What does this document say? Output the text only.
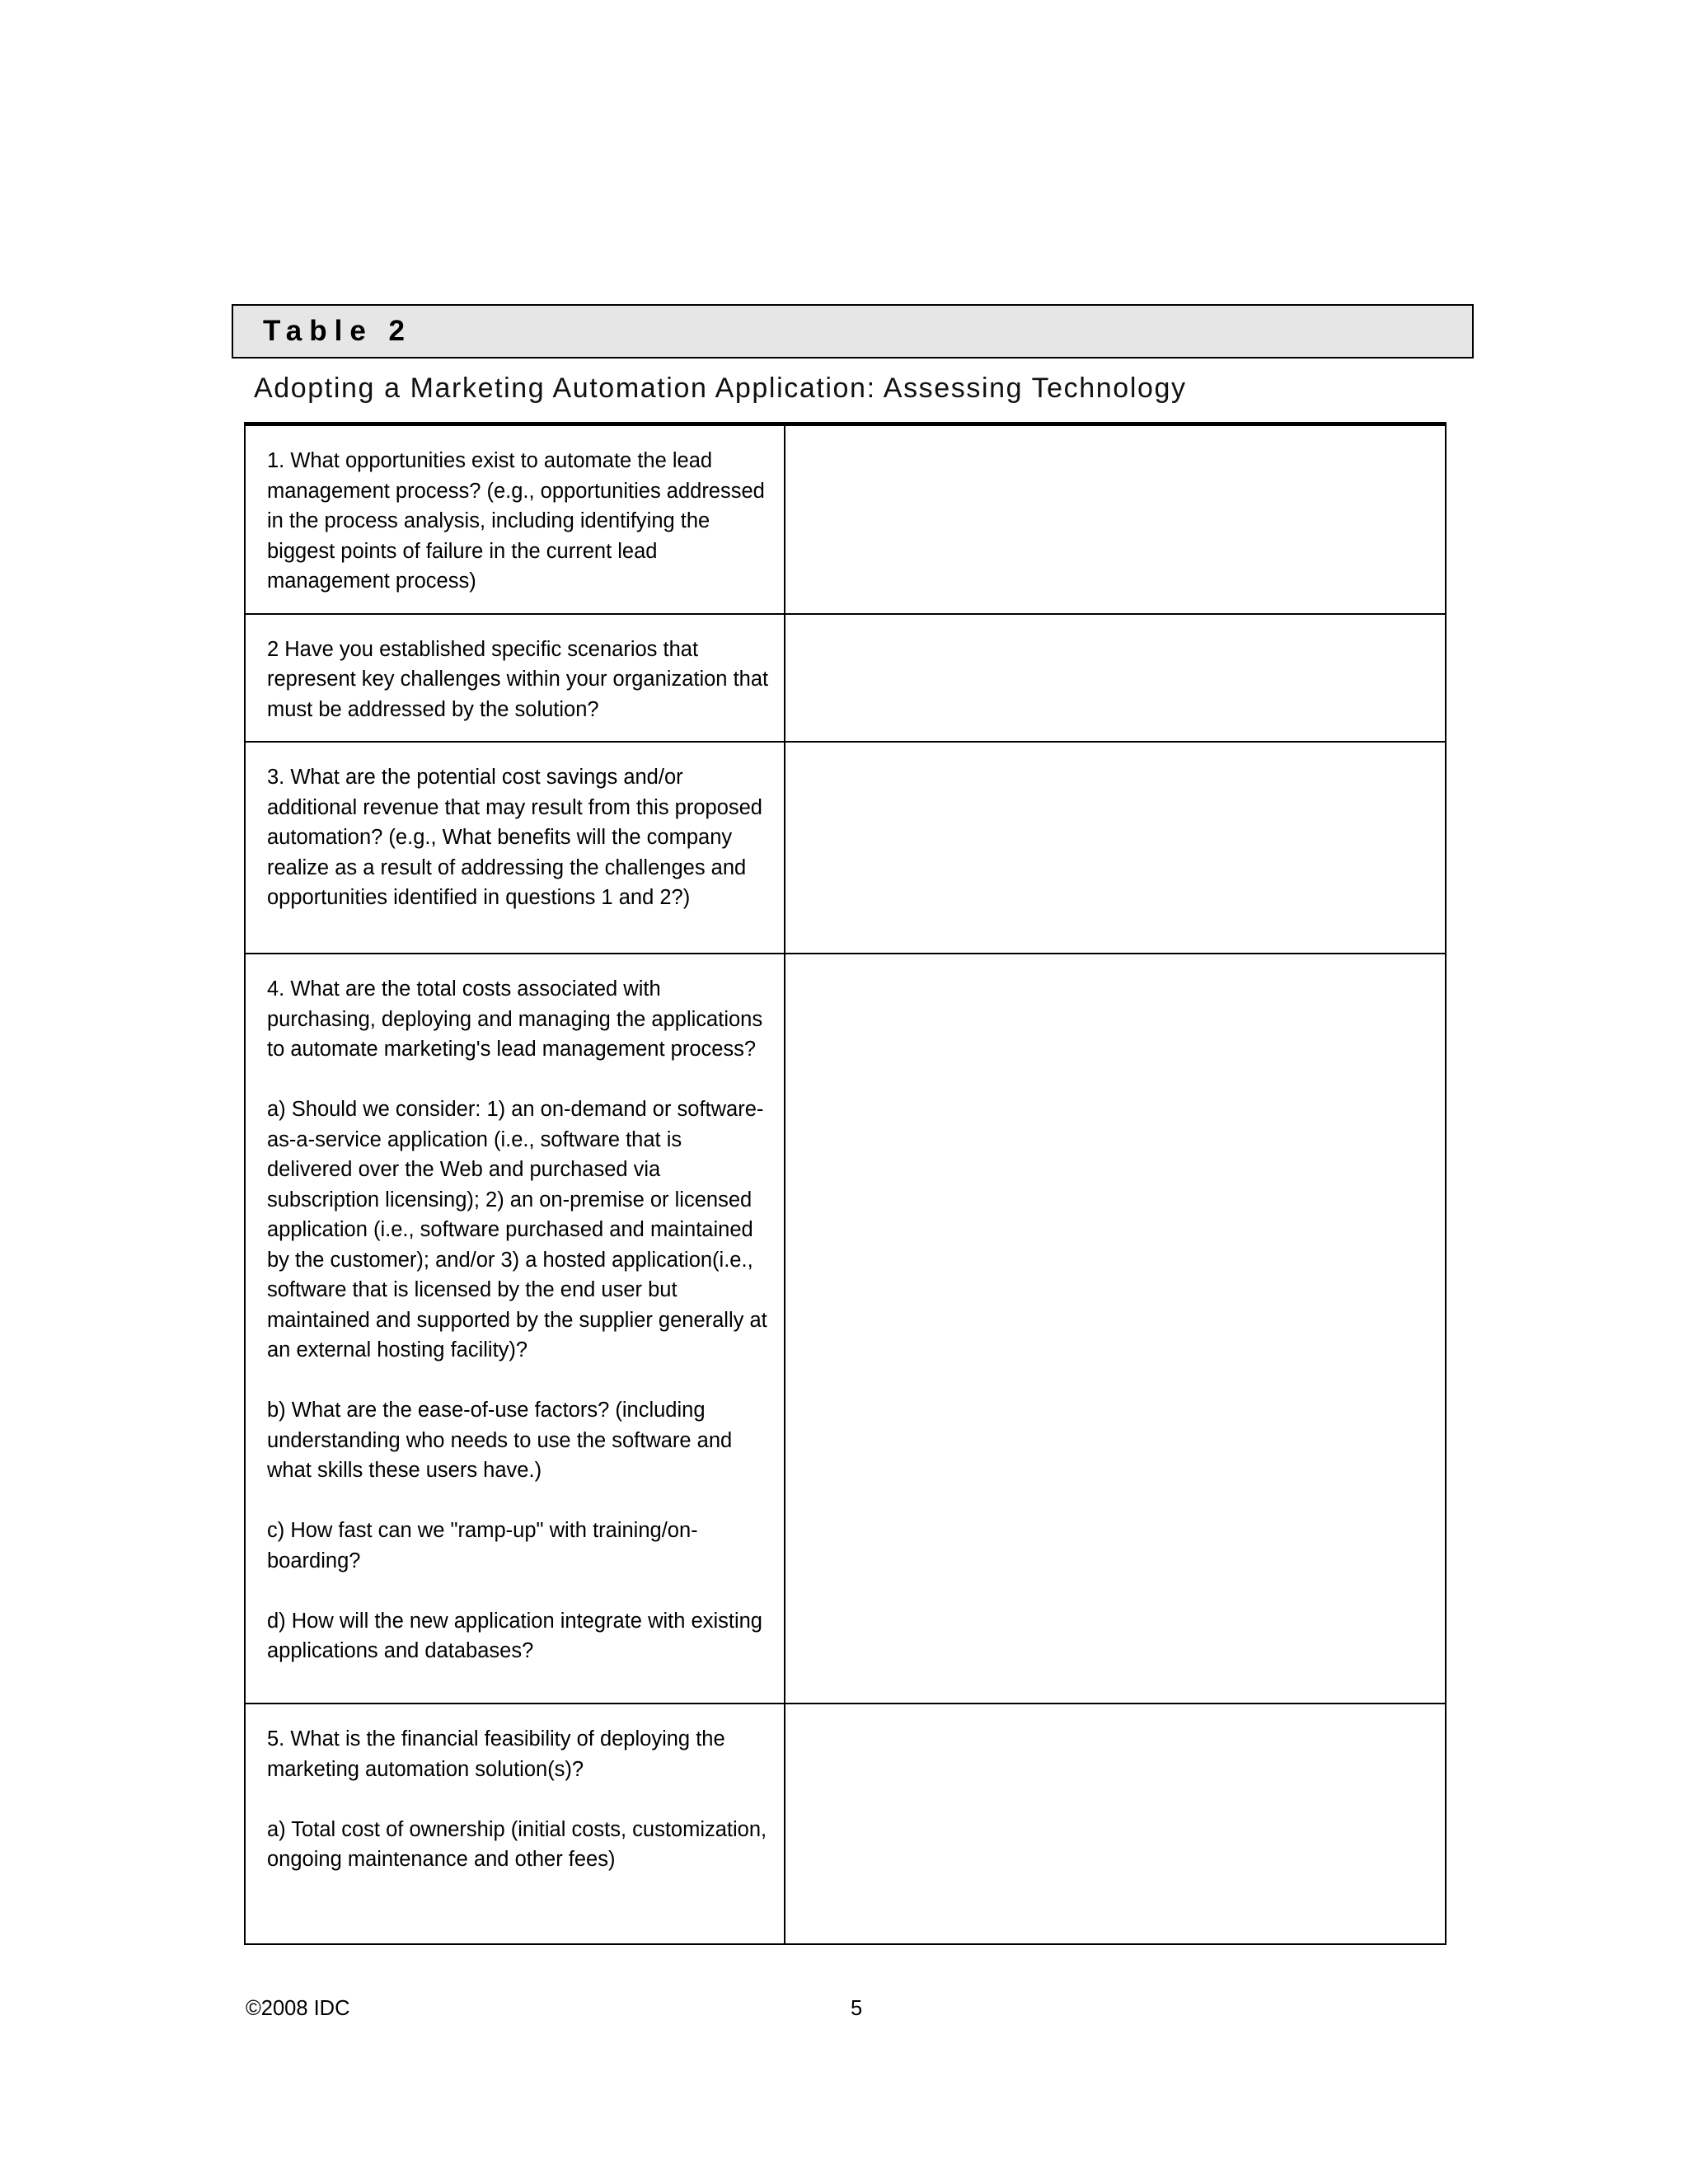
Table 2
Adopting a Marketing Automation Application: Assessing Technology

1. What opportunities exist to automate the lead management process? (e.g., opportunities addressed in the process analysis, including identifying the biggest points of failure in the current lead management process)	

2 Have you established specific scenarios that represent key challenges within your organization that must be addressed by the solution?	

3. What are the potential cost savings and/or additional revenue that may result from this proposed automation? (e.g., What benefits will the company realize as a result of addressing the challenges and opportunities identified in questions 1 and 2?)	

4. What are the total costs associated with purchasing, deploying and managing the applications to automate marketing's lead management process?

a) Should we consider: 1) an on-demand or software-as-a-service application (i.e., software that is delivered over the Web and purchased via subscription licensing); 2) an on-premise or licensed application (i.e., software purchased and maintained by the customer); and/or 3) a hosted application(i.e., software that is licensed by the end user but maintained and supported by the supplier generally at an external hosting facility)?

b) What are the ease-of-use factors? (including understanding who needs to use the software and what skills these users have.)

c) How fast can we "ramp-up" with training/on-boarding?

d) How will the new application integrate with existing applications and databases?	

5. What is the financial feasibility of deploying the marketing automation solution(s)?

a) Total cost of ownership (initial costs, customization, ongoing maintenance and other fees)	

©2008 IDC	5
